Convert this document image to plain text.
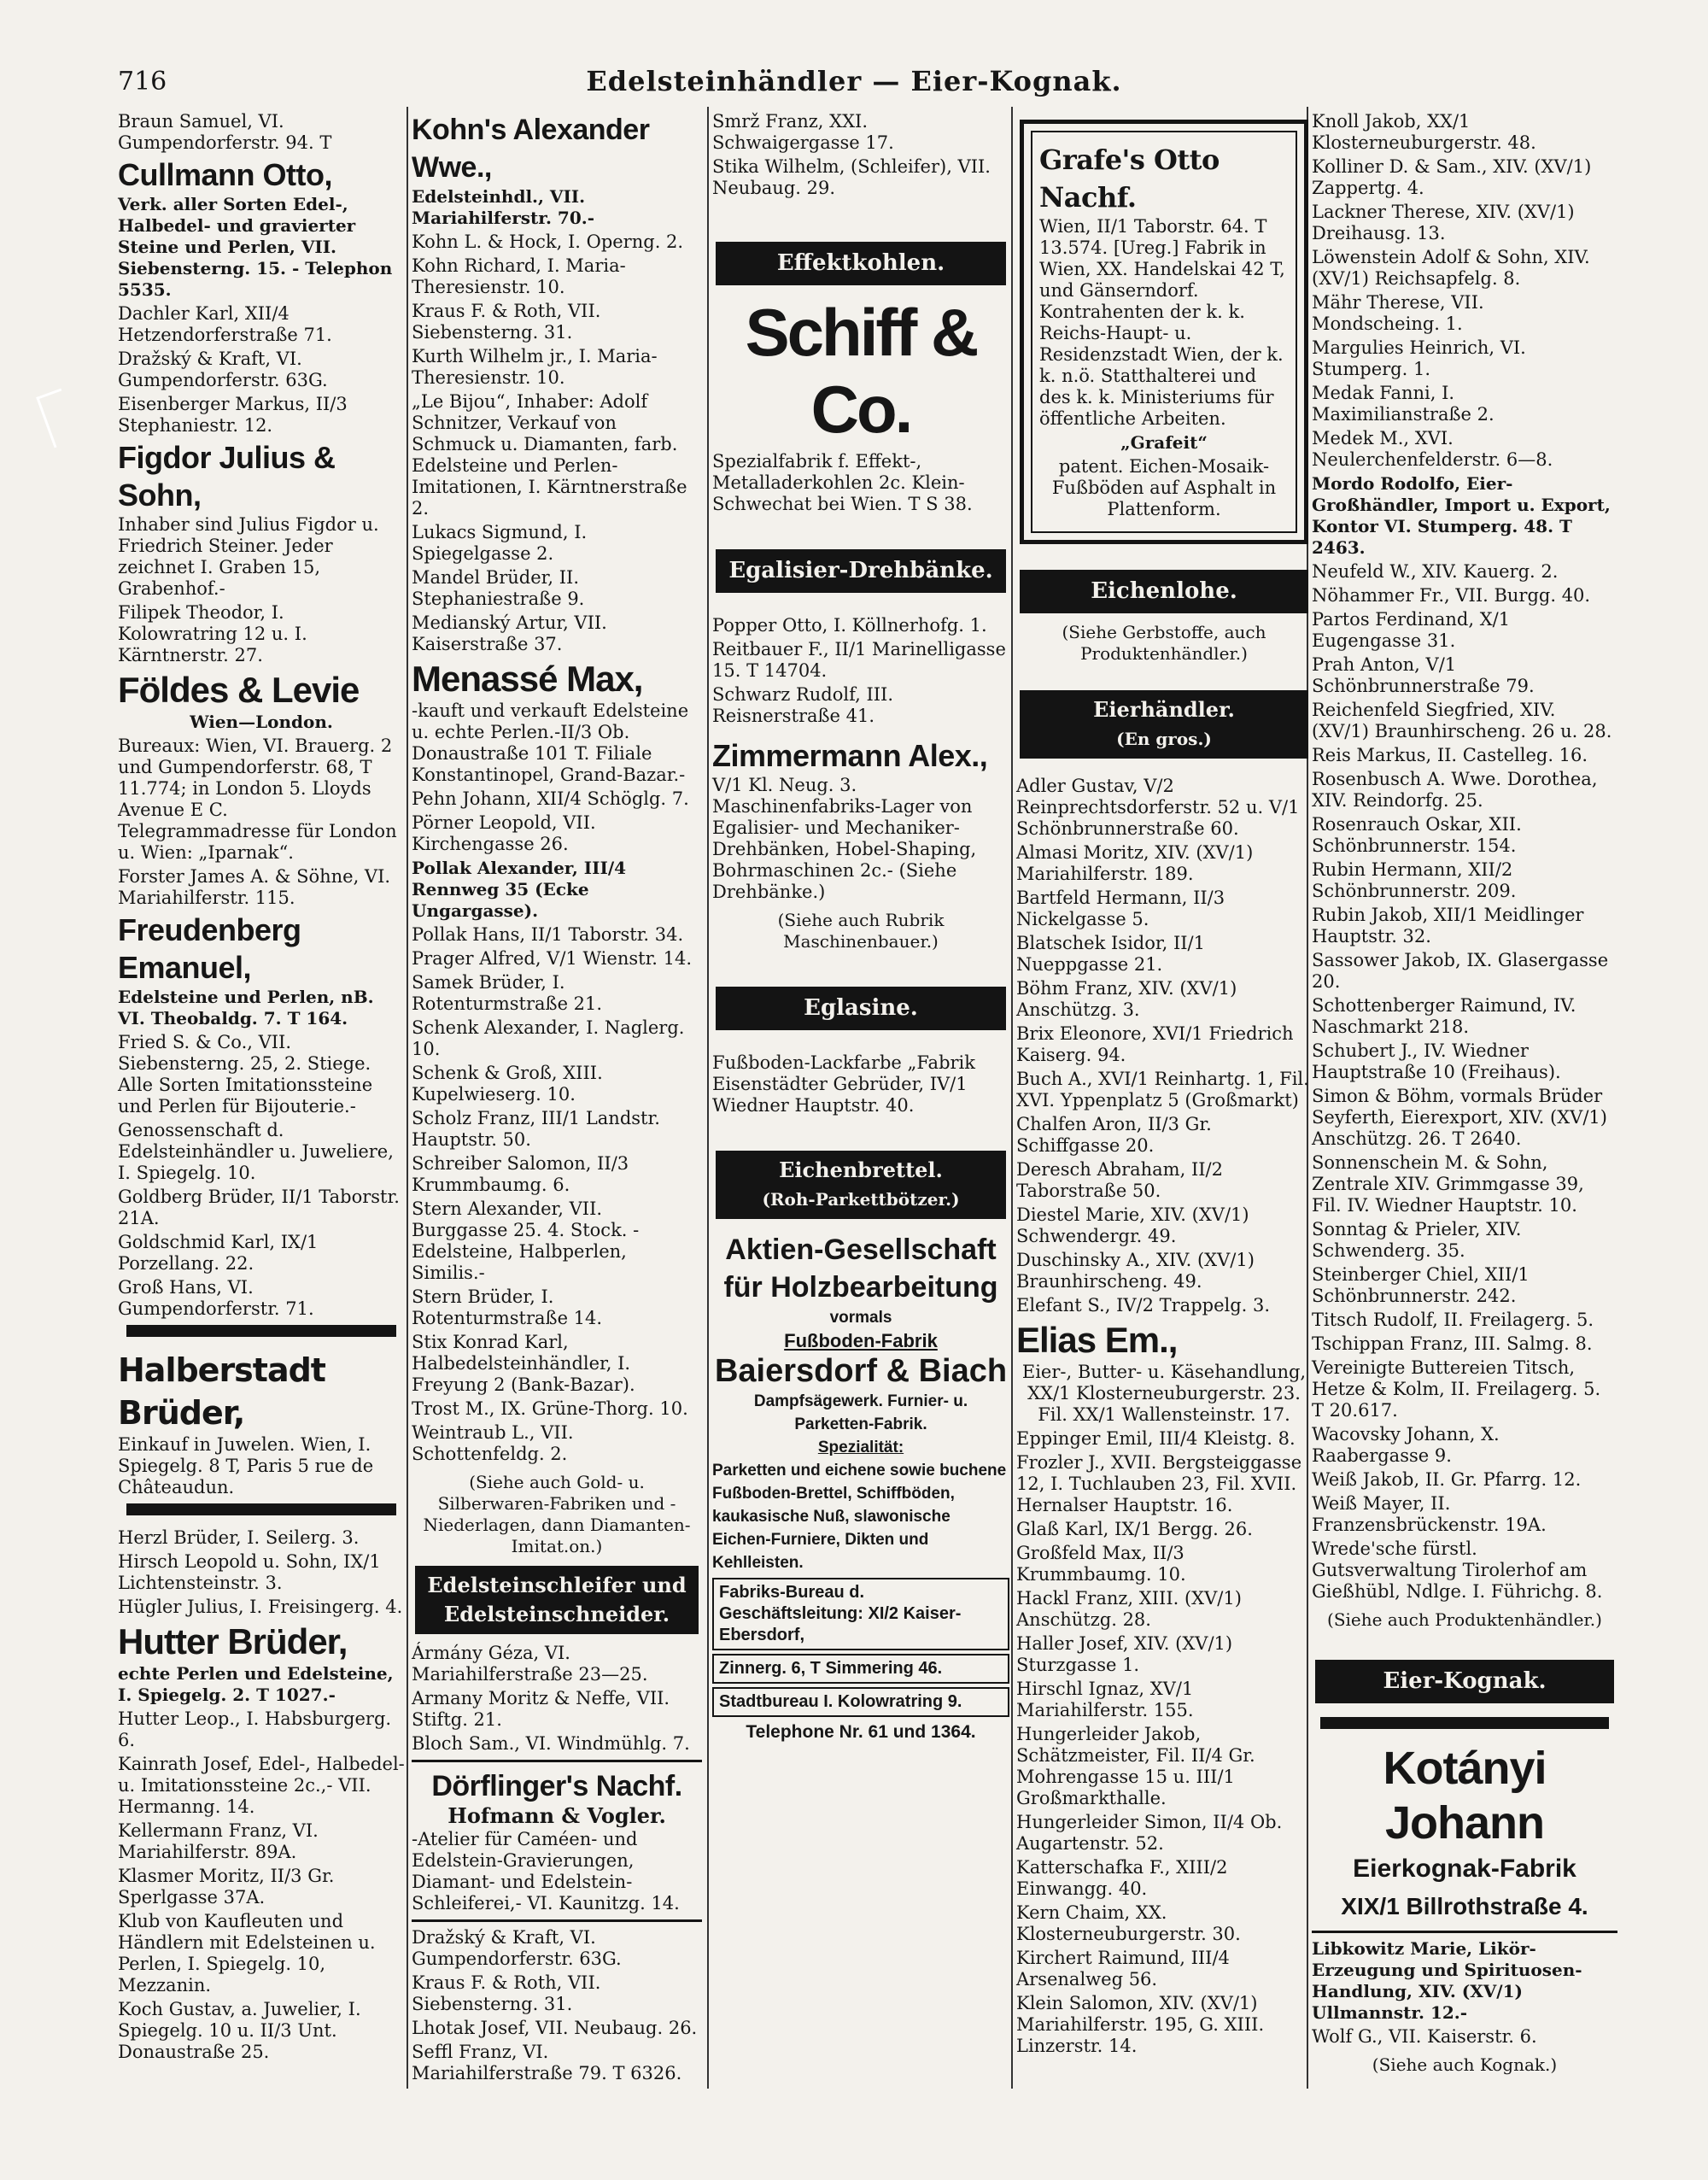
716	Edelsteinhändler — Eier-Kognak.
Braun Samuel, VI. Gumpendorferstr. 94. T
Cullmann Otto,
Verk. aller Sorten Edel-, Halbedel- und gravierter Steine und Perlen, VII. Siebensterng. 15. - Telephon 5535.
Dachler Karl, XII/4 Hetzendorferstraße 71.
Dražský & Kraft, VI. Gumpendorferstr. 63G.
Eisenberger Markus, II/3 Stephaniestr. 12.
Figdor Julius & Sohn,
Inhaber sind Julius Figdor u. Friedrich Steiner. Jeder zeichnet I. Graben 15, Grabenhof.-
Filipek Theodor, I. Kolowratring 12 u. I. Kärntnerstr. 27.
Földes & Levie
Wien—London.
Bureaux: Wien, VI. Brauerg. 2 und Gumpendorferstr. 68, T 11.774; in London 5. Lloyds Avenue E C. Telegrammadresse für London u. Wien: „Iparnak“.
Forster James A. & Söhne, VI. Mariahilferstr. 115.
Freudenberg Emanuel,
Edelsteine und Perlen, nB. VI. Theobaldg. 7. T 164.
Fried S. & Co., VII. Siebensterng. 25, 2. Stiege. Alle Sorten Imitationssteine und Perlen für Bijouterie.-
Genossenschaft d. Edelsteinhändler u. Juweliere, I. Spiegelg. 10.
Goldberg Brüder, II/1 Taborstr. 21A.
Goldschmid Karl, IX/1 Porzellang. 22.
Groß Hans, VI. Gumpendorferstr. 71.
Halberstadt Brüder,
Einkauf in Juwelen. Wien, I. Spiegelg. 8 T, Paris 5 rue de Châteaudun.
Herzl Brüder, I. Seilerg. 3.
Hirsch Leopold u. Sohn, IX/1 Lichtensteinstr. 3.
Hügler Julius, I. Freisingerg. 4.
Hutter Brüder,
echte Perlen und Edelsteine, I. Spiegelg. 2. T 1027.-
Hutter Leop., I. Habsburgerg. 6.
Kainrath Josef, Edel-, Halbedel- u. Imitationssteine 2c.,- VII. Hermanng. 14.
Kellermann Franz, VI. Mariahilferstr. 89A.
Klasmer Moritz, II/3 Gr. Sperlgasse 37A.
Klub von Kaufleuten und Händlern mit Edelsteinen u. Perlen, I. Spiegelg. 10, Mezzanin.
Koch Gustav, a. Juwelier, I. Spiegelg. 10 u. II/3 Unt. Donaustraße 25.
Kohn's Alexander Wwe.,
Edelsteinhdl., VII. Mariahilferstr. 70.-
Kohn L. & Hock, I. Operng. 2.
Kohn Richard, I. Maria-Theresienstr. 10.
Kraus F. & Roth, VII. Siebensterng. 31.
Kurth Wilhelm jr., I. Maria-Theresienstr. 10.
„Le Bijou“, Inhaber: Adolf Schnitzer, Verkauf von Schmuck u. Diamanten, farb. Edelsteine und Perlen-Imitationen, I. Kärntnerstraße 2.
Lukacs Sigmund, I. Spiegelgasse 2.
Mandel Brüder, II. Stephaniestraße 9.
Medianský Artur, VII. Kaiserstraße 37.
Menassé Max,
-kauft und verkauft Edelsteine u. echte Perlen.-II/3 Ob. Donaustraße 101 T. Filiale Konstantinopel, Grand-Bazar.-
Pehn Johann, XII/4 Schöglg. 7.
Pörner Leopold, VII. Kirchengasse 26.
Pollak Alexander, III/4 Rennweg 35 (Ecke Ungargasse).
Pollak Hans, II/1 Taborstr. 34.
Prager Alfred, V/1 Wienstr. 14.
Samek Brüder, I. Rotenturmstraße 21.
Schenk Alexander, I. Naglerg. 10.
Schenk & Groß, XIII. Kupelwieserg. 10.
Scholz Franz, III/1 Landstr. Hauptstr. 50.
Schreiber Salomon, II/3 Krummbaumg. 6.
Stern Alexander, VII. Burggasse 25. 4. Stock. -Edelsteine, Halbperlen, Similis.-
Stern Brüder, I. Rotenturmstraße 14.
Stix Konrad Karl, Halbedelsteinhändler, I. Freyung 2 (Bank-Bazar).
Trost M., IX. Grüne-Thorg. 10.
Weintraub L., VII. Schottenfeldg. 2.
(Siehe auch Gold- u. Silberwaren-Fabriken und -Niederlagen, dann Diamanten-Imitat.on.)
Edelsteinschleifer und Edelsteinschneider.
Ármány Géza, VI. Mariahilferstraße 23—25.
Armany Moritz & Neffe, VII. Stiftg. 21.
Bloch Sam., VI. Windmühlg. 7.
Dörflinger's Nachf.
Hofmann & Vogler.
-Atelier für Caméen- und Edelstein-Gravierungen, Diamant- und Edelstein-Schleiferei,- VI. Kaunitzg. 14.
Dražský & Kraft, VI. Gumpendorferstr. 63G.
Kraus F. & Roth, VII. Siebensterng. 31.
Lhotak Josef, VII. Neubaug. 26.
Seffl Franz, VI. Mariahilferstraße 79. T 6326.
Smrž Franz, XXI. Schwaigergasse 17.
Stika Wilhelm, (Schleifer), VII. Neubaug. 29.
Effektkohlen.
Schiff & Co.
Spezialfabrik f. Effekt-, Metalladerkohlen 2c. Klein-Schwechat bei Wien. T S 38.
Egalisier-Drehbänke.
Popper Otto, I. Köllnerhofg. 1.
Reitbauer F., II/1 Marinelligasse 15. T 14704.
Schwarz Rudolf, III. Reisnerstraße 41.
Zimmermann Alex.,
V/1 Kl. Neug. 3. Maschinenfabriks-Lager von Egalisier- und Mechaniker-Drehbänken, Hobel-Shaping, Bohrmaschinen 2c.- (Siehe Drehbänke.)
(Siehe auch Rubrik Maschinenbauer.)
Eglasine.
Fußboden-Lackfarbe „Fabrik Eisenstädter Gebrüder, IV/1 Wiedner Hauptstr. 40.
Eichenbrettel.
(Roh-Parkettbötzer.)
Aktien-Gesellschaft
für Holzbearbeitung
vormals
Fußboden-Fabrik
Baiersdorf & Biach
Dampfsägewerk. Furnier- u. Parketten-Fabrik.
Spezialität:
Parketten und eichene sowie buchene Fußboden-Brettel, Schiffböden, kaukasische Nuß, slawonische Eichen-Furniere, Dikten und Kehlleisten.
Fabriks-Bureau d. Geschäftsleitung: XI/2 Kaiser-Ebersdorf,
Zinnerg. 6, T Simmering 46.
Stadtbureau I. Kolowratring 9.
Telephone Nr. 61 und 1364.
Grafe's Otto Nachf.
Wien, II/1 Taborstr. 64. T 13.574. [Ureg.] Fabrik in Wien, XX. Handelskai 42 T, und Gänserndorf. Kontrahenten der k. k. Reichs-Haupt- u. Residenzstadt Wien, der k. k. n.ö. Statthalterei und des k. k. Ministeriums für öffentliche Arbeiten.
„Grafeit“
patent. Eichen-Mosaik-Fußböden auf Asphalt in Plattenform.
Eichenlohe.
(Siehe Gerbstoffe, auch Produktenhändler.)
Eierhändler.
(En gros.)
Adler Gustav, V/2 Reinprechtsdorferstr. 52 u. V/1 Schönbrunnerstraße 60.
Almasi Moritz, XIV. (XV/1) Mariahilferstr. 189.
Bartfeld Hermann, II/3 Nickelgasse 5.
Blatschek Isidor, II/1 Nueppgasse 21.
Böhm Franz, XIV. (XV/1) Anschützg. 3.
Brix Eleonore, XVI/1 Friedrich Kaiserg. 94.
Buch A., XVI/1 Reinhartg. 1, Fil. XVI. Yppenplatz 5 (Großmarkt)
Chalfen Aron, II/3 Gr. Schiffgasse 20.
Deresch Abraham, II/2 Taborstraße 50.
Diestel Marie, XIV. (XV/1) Schwendergr. 49.
Duschinsky A., XIV. (XV/1) Braunhirscheng. 49.
Elefant S., IV/2 Trappelg. 3.
Elias Em.,
Eier-, Butter- u. Käsehandlung, XX/1 Klosterneuburgerstr. 23. Fil. XX/1 Wallensteinstr. 17.
Eppinger Emil, III/4 Kleistg. 8.
Frozler J., XVII. Bergsteiggasse 12, I. Tuchlauben 23, Fil. XVII. Hernalser Hauptstr. 16.
Glaß Karl, IX/1 Bergg. 26.
Großfeld Max, II/3 Krummbaumg. 10.
Hackl Franz, XIII. (XV/1) Anschützg. 28.
Haller Josef, XIV. (XV/1) Sturzgasse 1.
Hirschl Ignaz, XV/1 Mariahilferstr. 155.
Hungerleider Jakob, Schätzmeister, Fil. II/4 Gr. Mohrengasse 15 u. III/1 Großmarkthalle.
Hungerleider Simon, II/4 Ob. Augartenstr. 52.
Katterschafka F., XIII/2 Einwangg. 40.
Kern Chaim, XX. Klosterneuburgerstr. 30.
Kirchert Raimund, III/4 Arsenalweg 56.
Klein Salomon, XIV. (XV/1) Mariahilferstr. 195, G. XIII. Linzerstr. 14.
Knoll Jakob, XX/1 Klosterneuburgerstr. 48.
Kolliner D. & Sam., XIV. (XV/1) Zappertg. 4.
Lackner Therese, XIV. (XV/1) Dreihausg. 13.
Löwenstein Adolf & Sohn, XIV. (XV/1) Reichsapfelg. 8.
Mähr Therese, VII. Mondscheing. 1.
Margulies Heinrich, VI. Stumperg. 1.
Medak Fanni, I. Maximilianstraße 2.
Medek M., XVI. Neulerchenfelderstr. 6—8.
Mordo Rodolfo, Eier-Großhändler, Import u. Export, Kontor VI. Stumperg. 48. T 2463.
Neufeld W., XIV. Kauerg. 2.
Nöhammer Fr., VII. Burgg. 40.
Partos Ferdinand, X/1 Eugengasse 31.
Prah Anton, V/1 Schönbrunnerstraße 79.
Reichenfeld Siegfried, XIV. (XV/1) Braunhirscheng. 26 u. 28.
Reis Markus, II. Castelleg. 16.
Rosenbusch A. Wwe. Dorothea, XIV. Reindorfg. 25.
Rosenrauch Oskar, XII. Schönbrunnerstr. 154.
Rubin Hermann, XII/2 Schönbrunnerstr. 209.
Rubin Jakob, XII/1 Meidlinger Hauptstr. 32.
Sassower Jakob, IX. Glasergasse 20.
Schottenberger Raimund, IV. Naschmarkt 218.
Schubert J., IV. Wiedner Hauptstraße 10 (Freihaus).
Simon & Böhm, vormals Brüder Seyferth, Eierexport, XIV. (XV/1) Anschützg. 26. T 2640.
Sonnenschein M. & Sohn, Zentrale XIV. Grimmgasse 39, Fil. IV. Wiedner Hauptstr. 10.
Sonntag & Prieler, XIV. Schwenderg. 35.
Steinberger Chiel, XII/1 Schönbrunnerstr. 242.
Titsch Rudolf, II. Freilagerg. 5.
Tschippan Franz, III. Salmg. 8.
Vereinigte Buttereien Titsch, Hetze & Kolm, II. Freilagerg. 5. T 20.617.
Wacovsky Johann, X. Raabergasse 9.
Weiß Jakob, II. Gr. Pfarrg. 12.
Weiß Mayer, II. Franzensbrückenstr. 19A.
Wrede'sche fürstl. Gutsverwaltung Tirolerhof am Gießhübl, Ndlge. I. Führichg. 8.
(Siehe auch Produktenhändler.)
Eier-Kognak.
Kotányi Johann
Eierkognak-Fabrik
XIX/1 Billrothstraße 4.
Libkowitz Marie, Likör-Erzeugung und Spirituosen-Handlung, XIV. (XV/1) Ullmannstr. 12.-
Wolf G., VII. Kaiserstr. 6.
(Siehe auch Kognak.)
